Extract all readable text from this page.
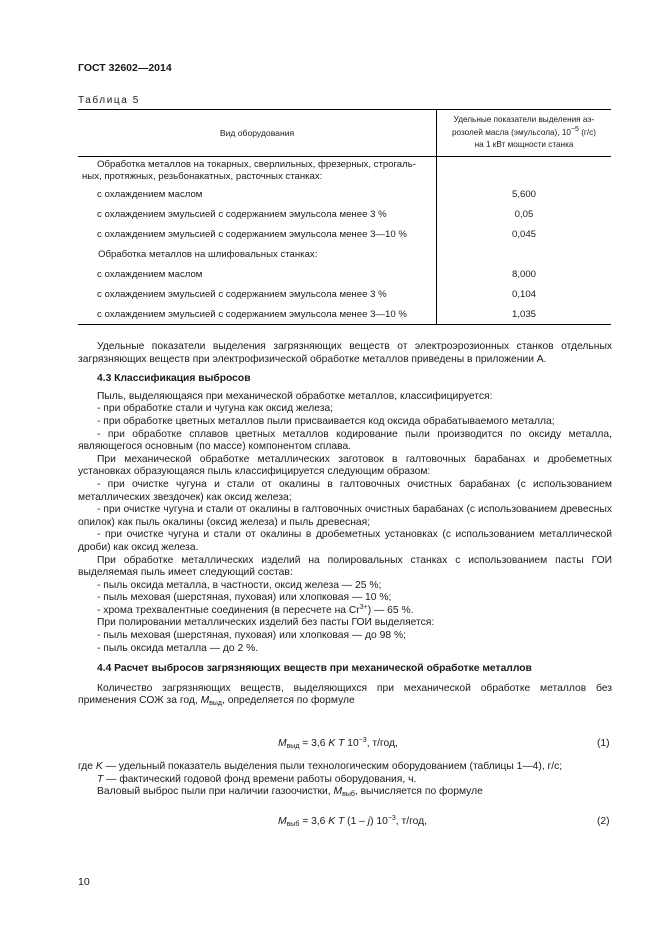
ГОСТ 32602—2014
Таблица 5
Вид оборудования	Удельные показатели выделения аэ-
розолей масла (эмульсола), $10^{-5}$ (г/с)
на 1 кВт мощности станка
Обработка металлов на токарных, сверлильных, фрезерных, строгаль-
ных, протяжных, резьбонакатных, расточных станках:	
с охлаждением маслом	5,600
с охлаждением эмульсией с содержанием эмульсола менее 3 %	0,05
с охлаждением эмульсией с содержанием эмульсола менее 3—10 %	0,045
Обработка металлов на шлифовальных станках:	
с охлаждением маслом	8,000
с охлаждением эмульсией с содержанием эмульсола менее 3 %	0,104
с охлаждением эмульсией с содержанием эмульсола менее 3—10 %	1,035

Удельные показатели выделения загрязняющих веществ от электроэрозионных станков отдельных загрязняющих веществ при электрофизической обработке металлов приведены в приложении А.

4.3 Классификация выбросов

Пыль, выделяющаяся при механической обработке металлов, классифицируется:

- при обработке стали и чугуна как оксид железа;

- при обработке цветных металлов пыли присваивается код оксида обрабатываемого металла;

- при обработке сплавов цветных металлов кодирование пыли производится по оксиду металла, являющегося основным (по массе) компонентом сплава.

При механической обработке металлических заготовок в галтовочных барабанах и дробеметных установках образующаяся пыль классифицируется следующим образом:

- при очистке чугуна и стали от окалины в галтовочных очистных барабанах (с использованием металлических звездочек) как оксид железа;

- при очистке чугуна и стали от окалины в галтовочных очистных барабанах (с использованием древесных опилок) как пыль окалины (оксид железа) и пыль древесная;

- при очистке чугуна и стали от окалины в дробеметных установках (с использованием металлической дроби) как оксид железа.

При обработке металлических изделий на полировальных станках с использованием пасты ГОИ выделяемая пыль имеет следующий состав:

- пыль оксида металла, в частности, оксид железа — 25 %;

- пыль меховая (шерстяная, пуховая) или хлопковая — 10 %;

- хрома трехвалентные соединения (в пересчете на $Cr^{3+}$) — 65 %.

При полировании металлических изделий без пасты ГОИ выделяется:

- пыль меховая (шерстяная, пуховая) или хлопковая — до 98 %;

- пыль оксида металла — до 2 %.

4.4 Расчет выбросов загрязняющих веществ при механической обработке металлов

Количество загрязняющих веществ, выделяющихся при механической обработке металлов без применения СОЖ за год, $M_{выд}$, определяется по формуле

$M_{выд} = 3,6$ K T $10^{-3}$, т/год,	(1)

где K — удельный показатель выделения пыли технологическим оборудованием (таблицы 1—4), г/с;

T — фактический годовой фонд времени работы оборудования, ч.

Валовый выброс пыли при наличии газоочистки, $M_{выб}$, вычисляется по формуле

$M_{выб} = 3,6$ K T (1 – j) $10^{-3}$, т/год,	(2)
10
